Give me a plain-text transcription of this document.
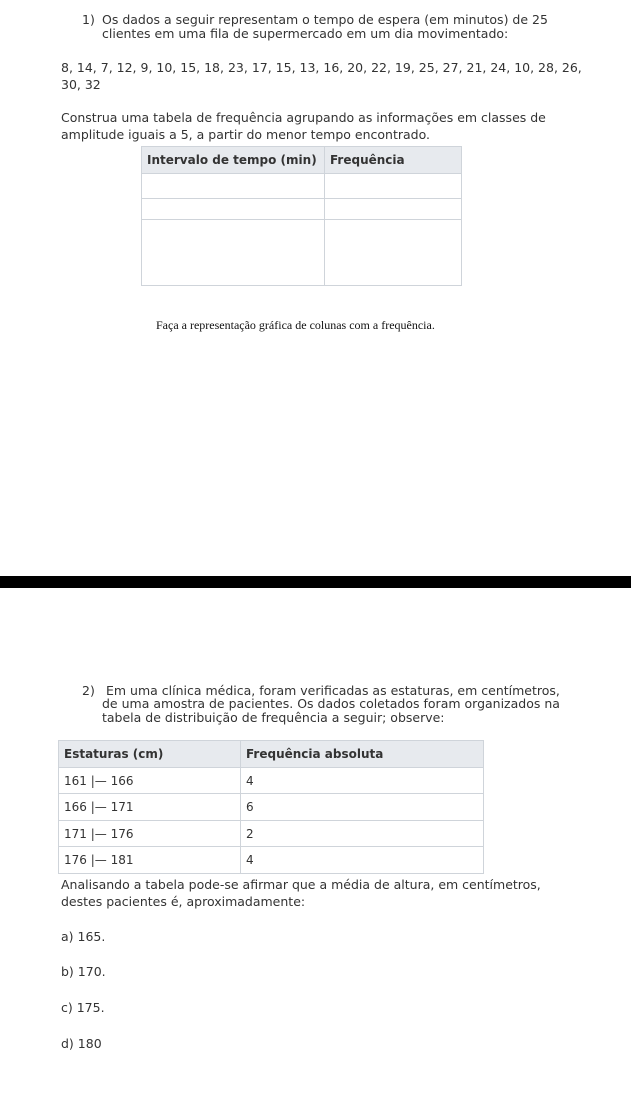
1) Os dados a seguir representam o tempo de espera (em minutos) de 25
clientes em uma fila de supermercado em um dia movimentado:
8, 14, 7, 12, 9, 10, 15, 18, 23, 17, 15, 13, 16, 20, 22, 19, 25, 27, 21, 24, 10, 28, 26,
30, 32
Construa uma tabela de frequência agrupando as informações em classes de
amplitude iguais a 5, a partir do menor tempo encontrado.
Intervalo de tempo (min)	Frequência

Faça a representação gráfica de colunas com a frequência.
2) Em uma clínica médica, foram verificadas as estaturas, em centímetros,
de uma amostra de pacientes. Os dados coletados foram organizados na
tabela de distribuição de frequência a seguir; observe:
Estaturas (cm)	Frequência absoluta
161 |— 166	4
166 |— 171	6
171 |— 176	2
176 |— 181	4
Analisando a tabela pode-se afirmar que a média de altura, em centímetros,
destes pacientes é, aproximadamente:
a) 165.
b) 170.
c) 175.
d) 180
